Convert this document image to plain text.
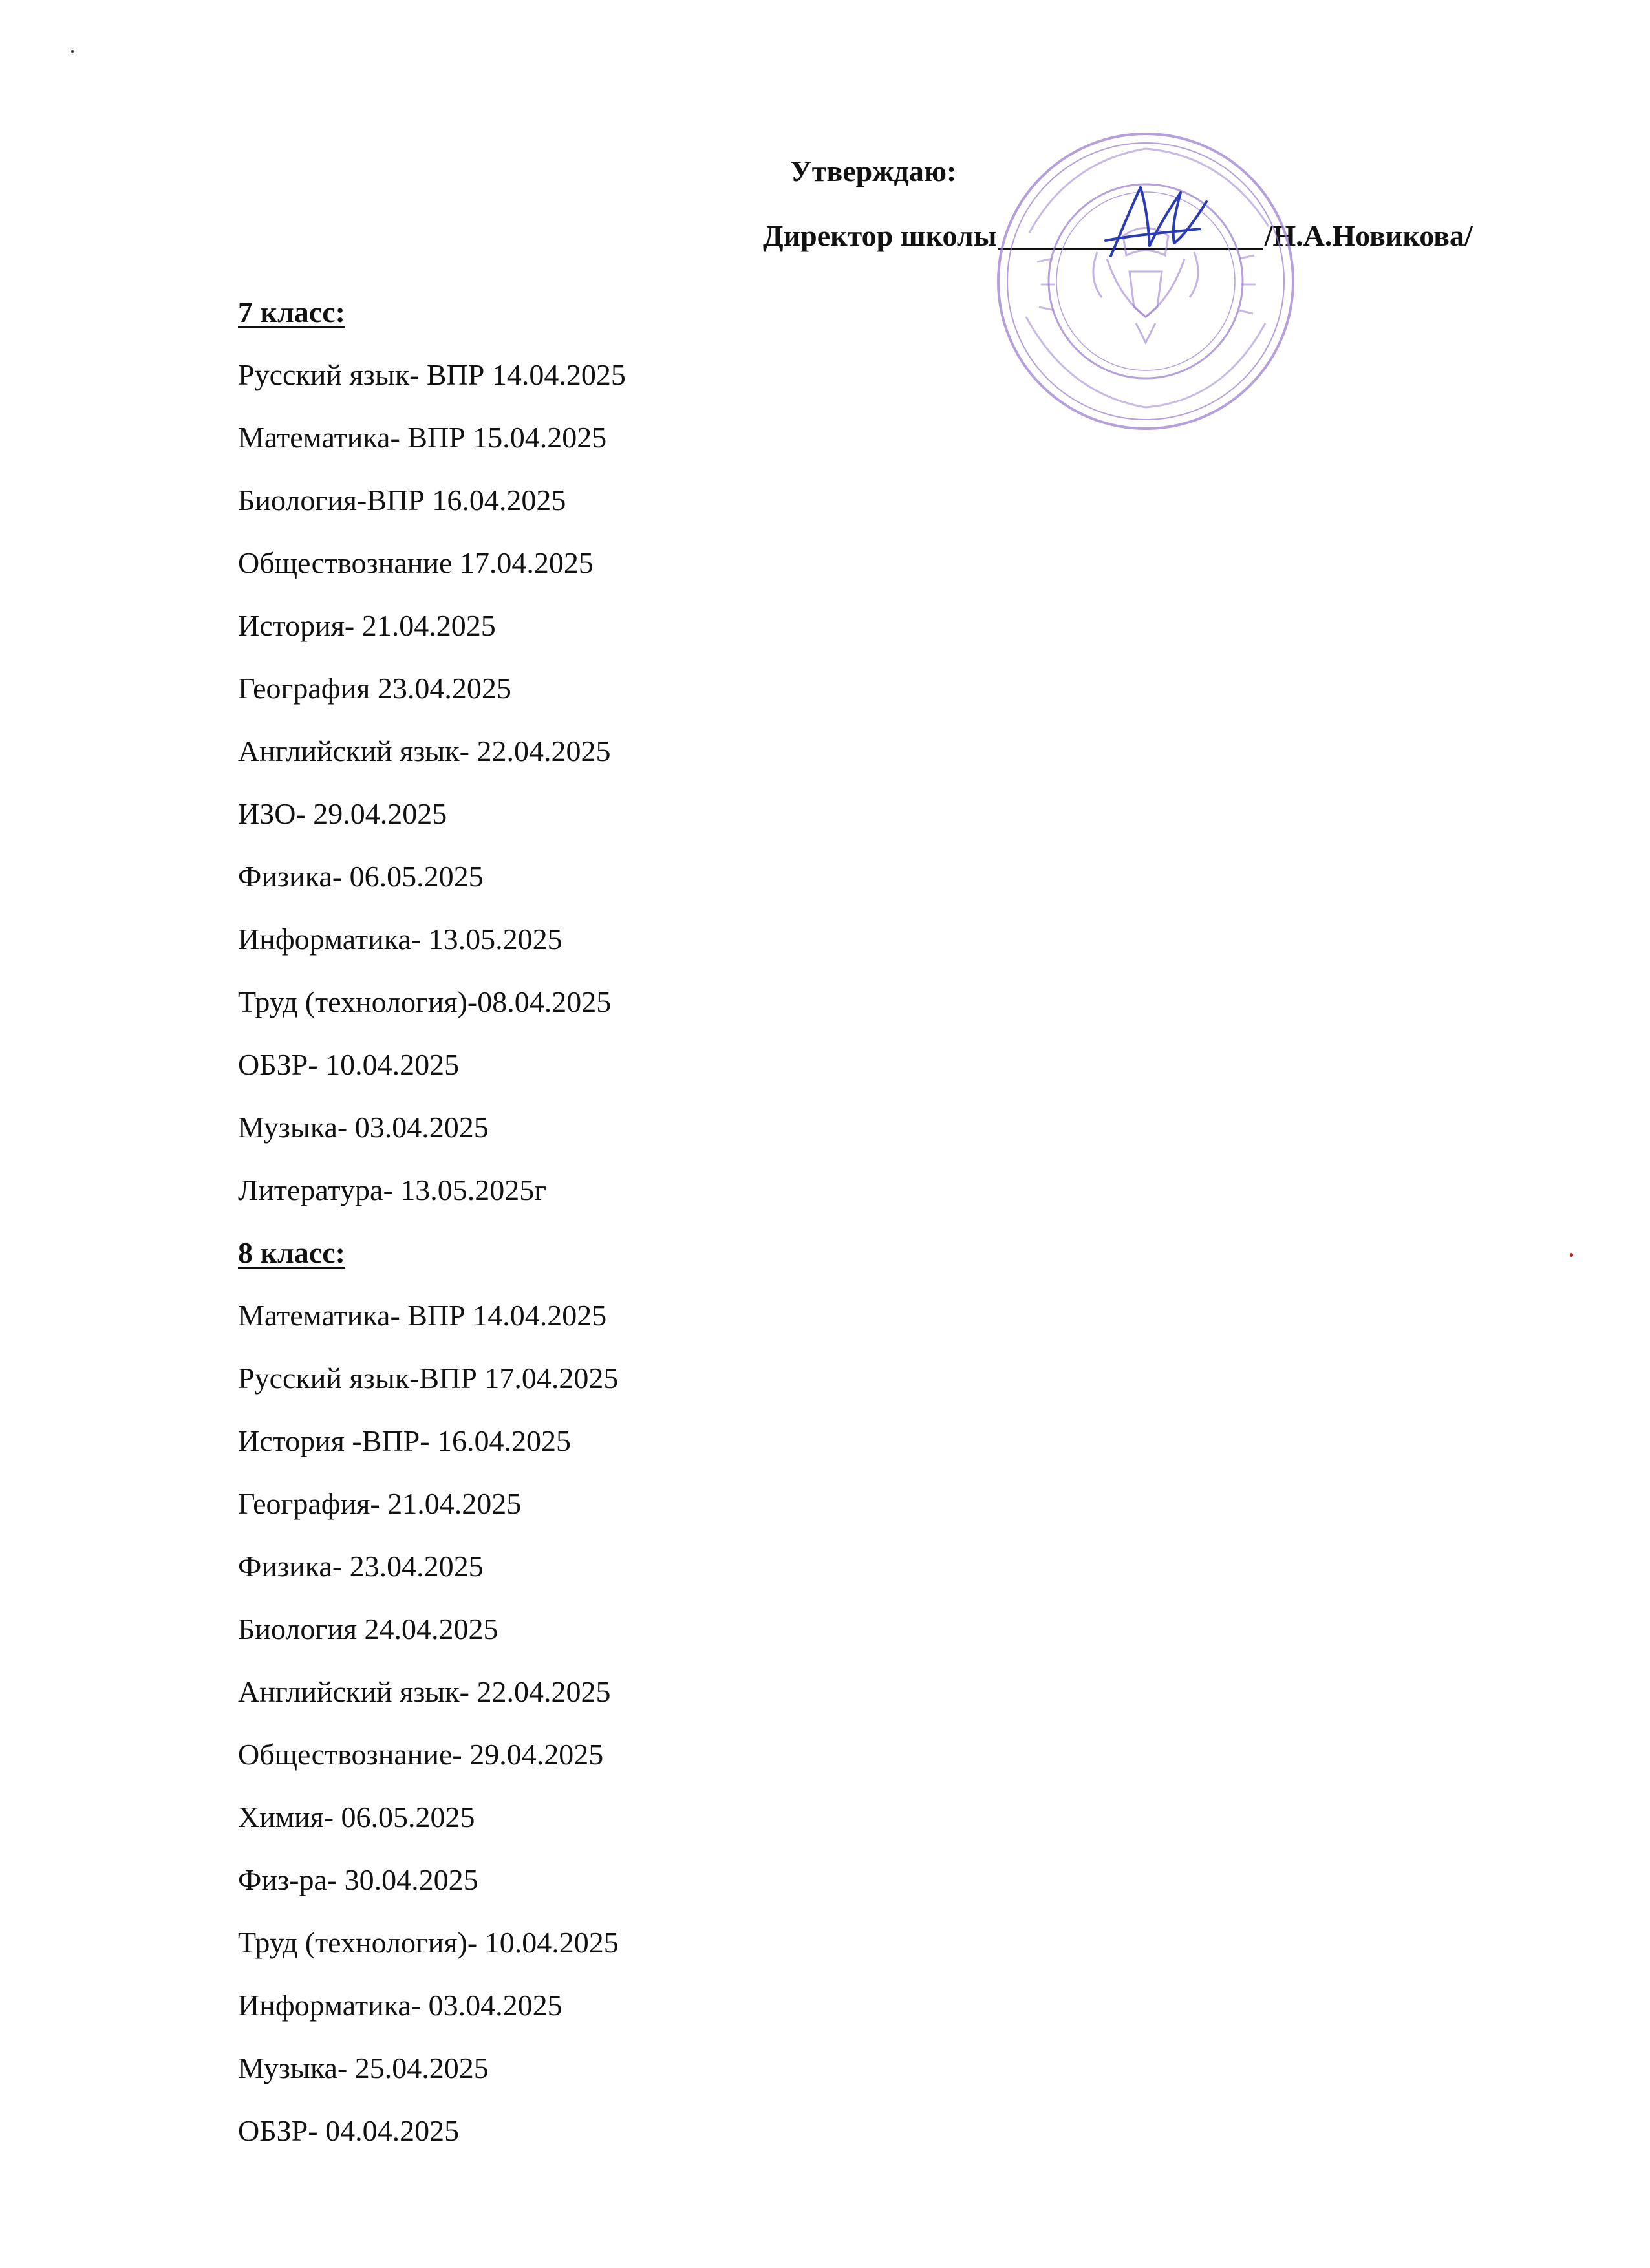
Утверждаю:
Директор школы	/Н.А.Новикова/
7 класс:
Русский язык- ВПР 14.04.2025
Математика- ВПР 15.04.2025
Биология-ВПР 16.04.2025
Обществознание 17.04.2025
История- 21.04.2025
География 23.04.2025
Английский язык- 22.04.2025
ИЗО- 29.04.2025
Физика- 06.05.2025
Информатика- 13.05.2025
Труд (технология)-08.04.2025
ОБЗР- 10.04.2025
Музыка- 03.04.2025
Литература- 13.05.2025г
8 класс:
Математика- ВПР 14.04.2025
Русский язык-ВПР 17.04.2025
История -ВПР- 16.04.2025
География- 21.04.2025
Физика- 23.04.2025
Биология 24.04.2025
Английский язык- 22.04.2025
Обществознание- 29.04.2025
Химия- 06.05.2025
Физ-ра- 30.04.2025
Труд (технология)- 10.04.2025
Информатика- 03.04.2025
Музыка- 25.04.2025
ОБЗР- 04.04.2025
